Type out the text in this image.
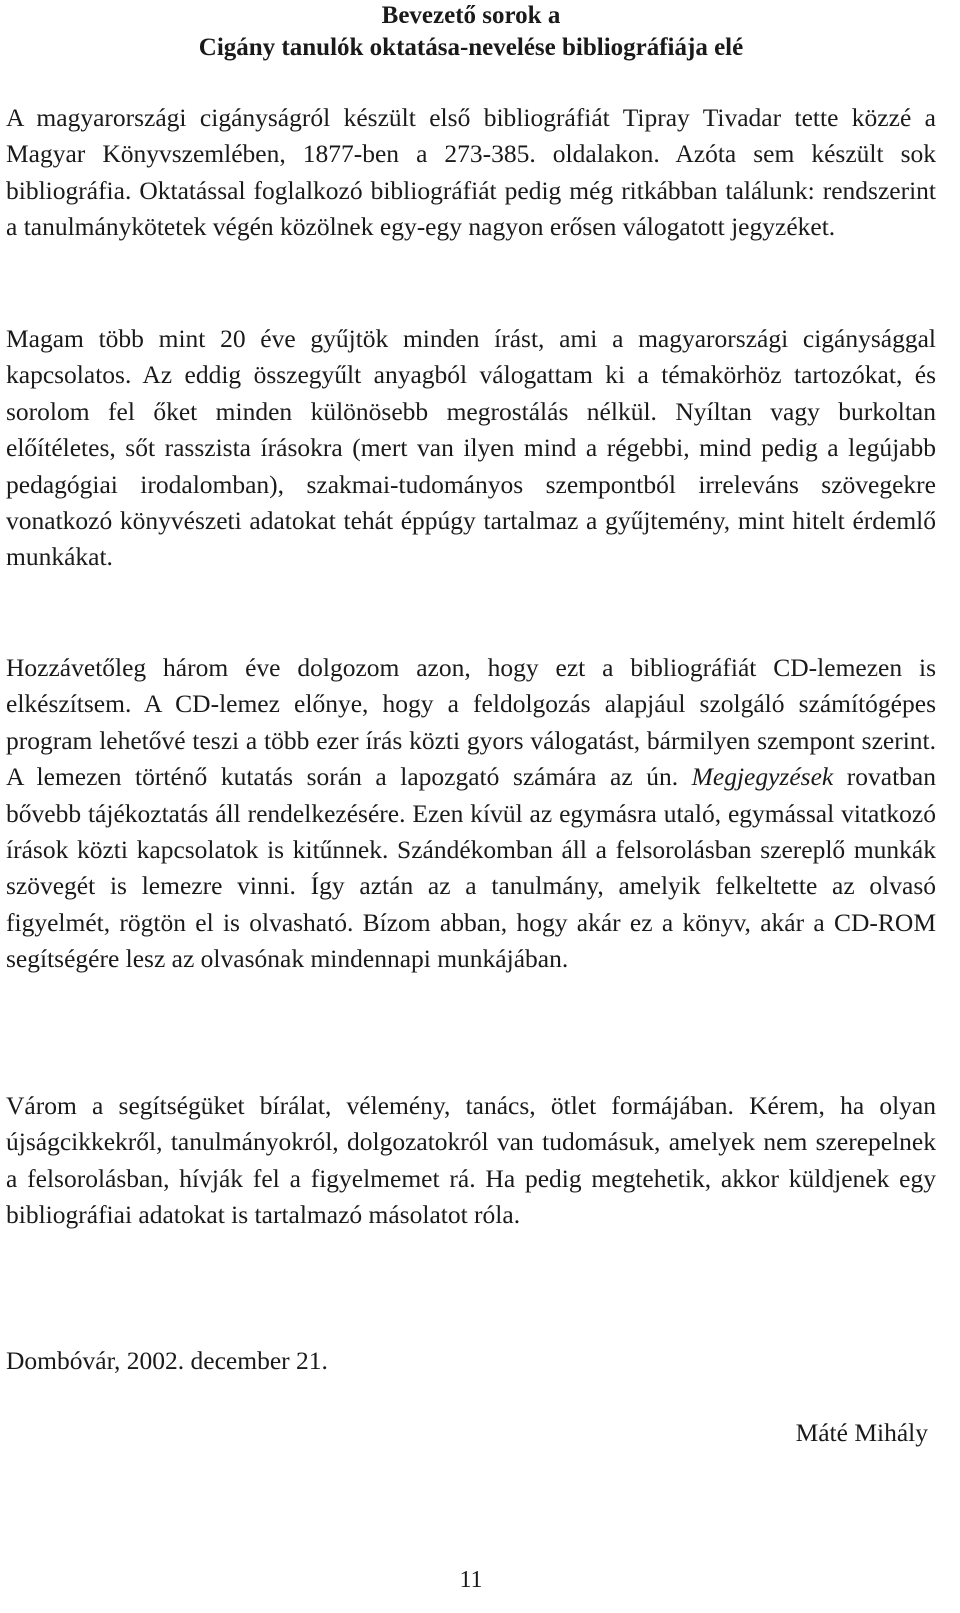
Bevezető sorok a
Cigány tanulók oktatása-nevelése bibliográfiája elé

A magyarországi cigányságról készült első bibliográfiát Tipray Tivadar tette közzé a Magyar Könyvszemlében, 1877-ben a 273-385. oldalakon. Azóta sem készült sok bibliográfia. Oktatással foglalkozó bibliográfiát pedig még ritkábban találunk: rendszerint a tanulmánykötetek végén közölnek egy-egy nagyon erősen válogatott jegyzéket.

Magam több mint 20 éve gyűjtök minden írást, ami a magyarországi cigánysággal kapcsolatos. Az eddig összegyűlt anyagból válogattam ki a témakörhöz tartozókat, és sorolom fel őket minden különösebb megrostálás nélkül. Nyíltan vagy burkoltan előítéletes, sőt rasszista írásokra (mert van ilyen mind a régebbi, mind pedig a legújabb pedagógiai irodalomban), szakmai-tudományos szempontból irreleváns szövegekre vonatkozó könyvészeti adatokat tehát éppúgy tartalmaz a gyűjtemény, mint hitelt érdemlő munkákat.

Hozzávetőleg három éve dolgozom azon, hogy ezt a bibliográfiát CD-lemezen is elkészítsem. A CD-lemez előnye, hogy a feldolgozás alapjául szolgáló számítógépes program lehetővé teszi a több ezer írás közti gyors válogatást, bármilyen szempont szerint. A lemezen történő kutatás során a lapozgató számára az ún. Megjegyzések rovatban bővebb tájékoztatás áll rendelkezésére. Ezen kívül az egymásra utaló, egymással vitatkozó írások közti kapcsolatok is kitűnnek. Szándékomban áll a felsorolásban szereplő munkák szövegét is lemezre vinni. Így aztán az a tanulmány, amelyik felkeltette az olvasó figyelmét, rögtön el is olvasható. Bízom abban, hogy akár ez a könyv, akár a CD-ROM segítségére lesz az olvasónak mindennapi munkájában.

Várom a segítségüket bírálat, vélemény, tanács, ötlet formájában. Kérem, ha olyan újságcikkekről, tanulmányokról, dolgozatokról van tudomásuk, amelyek nem szerepelnek a felsorolásban, hívják fel a figyelmemet rá. Ha pedig megtehetik, akkor küldjenek egy bibliográfiai adatokat is tartalmazó másolatot róla.

Dombóvár, 2002. december 21.

Máté Mihály

11
